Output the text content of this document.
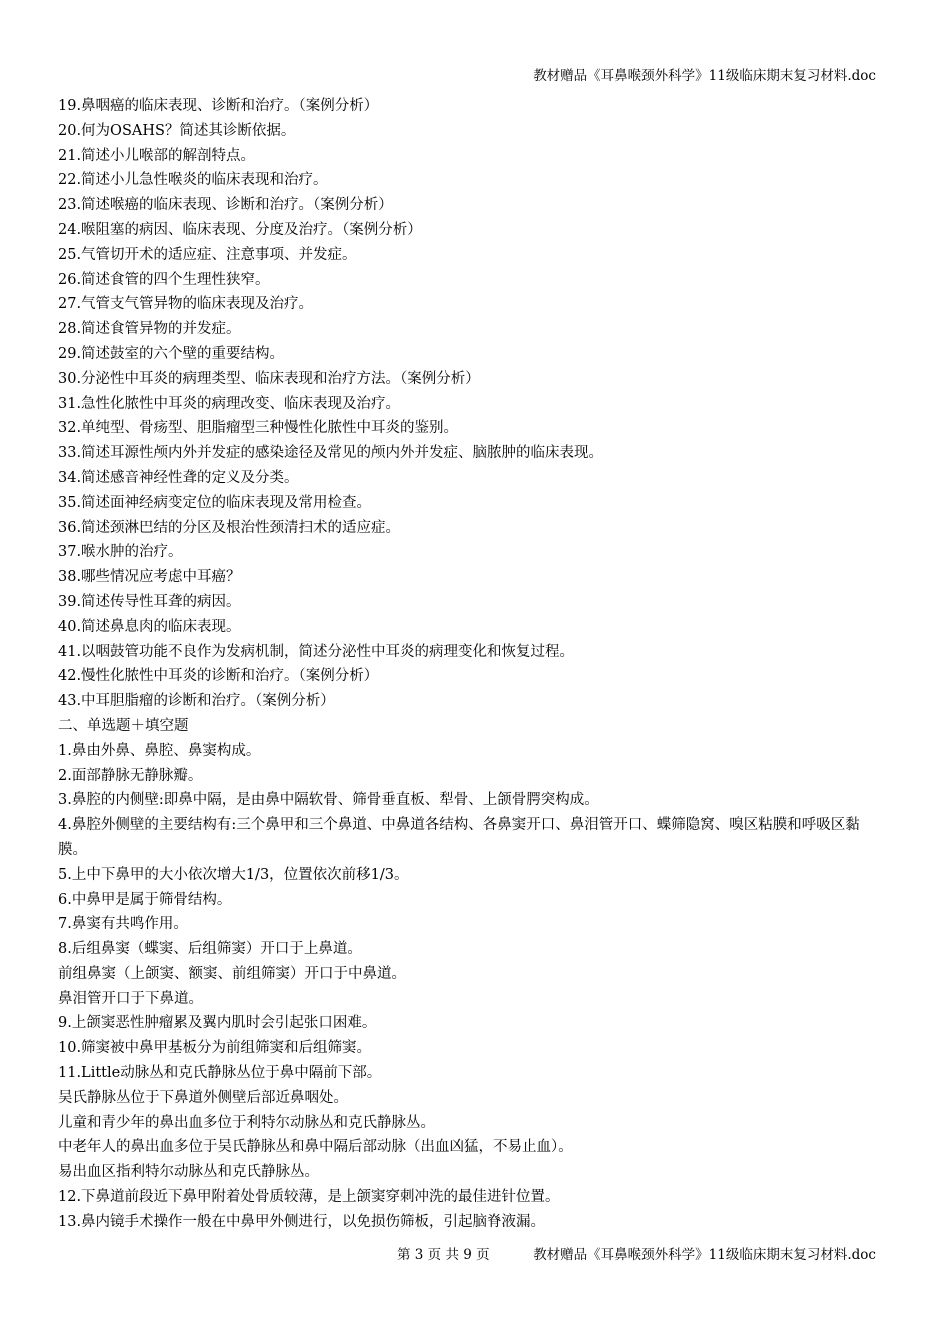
教材赠品《耳鼻喉颈外科学》11级临床期末复习材料.doc
19.鼻咽癌的临床表现、诊断和治疗。（案例分析）
20.何为OSAHS？简述其诊断依据。
21.简述小儿喉部的解剖特点。
22.简述小儿急性喉炎的临床表现和治疗。
23.简述喉癌的临床表现、诊断和治疗。（案例分析）
24.喉阻塞的病因、临床表现、分度及治疗。（案例分析）
25.气管切开术的适应症、注意事项、并发症。
26.简述食管的四个生理性狭窄。
27.气管支气管异物的临床表现及治疗。
28.简述食管异物的并发症。
29.简述鼓室的六个壁的重要结构。
30.分泌性中耳炎的病理类型、临床表现和治疗方法。（案例分析）
31.急性化脓性中耳炎的病理改变、临床表现及治疗。
32.单纯型、骨疡型、胆脂瘤型三种慢性化脓性中耳炎的鉴别。
33.简述耳源性颅内外并发症的感染途径及常见的颅内外并发症、脑脓肿的临床表现。
34.简述感音神经性聋的定义及分类。
35.简述面神经病变定位的临床表现及常用检查。
36.简述颈淋巴结的分区及根治性颈清扫术的适应症。
37.喉水肿的治疗。
38.哪些情况应考虑中耳癌？
39.简述传导性耳聋的病因。
40.简述鼻息肉的临床表现。
41.以咽鼓管功能不良作为发病机制，简述分泌性中耳炎的病理变化和恢复过程。
42.慢性化脓性中耳炎的诊断和治疗。（案例分析）
43.中耳胆脂瘤的诊断和治疗。（案例分析）
二、单选题＋填空题
1.鼻由外鼻、鼻腔、鼻窦构成。
2.面部静脉无静脉瓣。
3.鼻腔的内侧壁:即鼻中隔，是由鼻中隔软骨、筛骨垂直板、犁骨、上颌骨腭突构成。
4.鼻腔外侧壁的主要结构有:三个鼻甲和三个鼻道、中鼻道各结构、各鼻窦开口、鼻泪管开口、蝶筛隐窝、嗅区粘膜和呼吸区黏膜。
5.上中下鼻甲的大小依次增大1/3，位置依次前移1/3。
6.中鼻甲是属于筛骨结构。
7.鼻窦有共鸣作用。
8.后组鼻窦（蝶窦、后组筛窦）开口于上鼻道。
前组鼻窦（上颌窦、额窦、前组筛窦）开口于中鼻道。
鼻泪管开口于下鼻道。
9.上颌窦恶性肿瘤累及翼内肌时会引起张口困难。
10.筛窦被中鼻甲基板分为前组筛窦和后组筛窦。
11.Little动脉丛和克氏静脉丛位于鼻中隔前下部。
吴氏静脉丛位于下鼻道外侧壁后部近鼻咽处。
儿童和青少年的鼻出血多位于利特尔动脉丛和克氏静脉丛。
中老年人的鼻出血多位于吴氏静脉丛和鼻中隔后部动脉（出血凶猛，不易止血）。
易出血区指利特尔动脉丛和克氏静脉丛。
12.下鼻道前段近下鼻甲附着处骨质较薄，是上颌窦穿刺冲洗的最佳进针位置。
13.鼻内镜手术操作一般在中鼻甲外侧进行，以免损伤筛板，引起脑脊液漏。
第 3 页 共 9 页	教材赠品《耳鼻喉颈外科学》11级临床期末复习材料.doc
